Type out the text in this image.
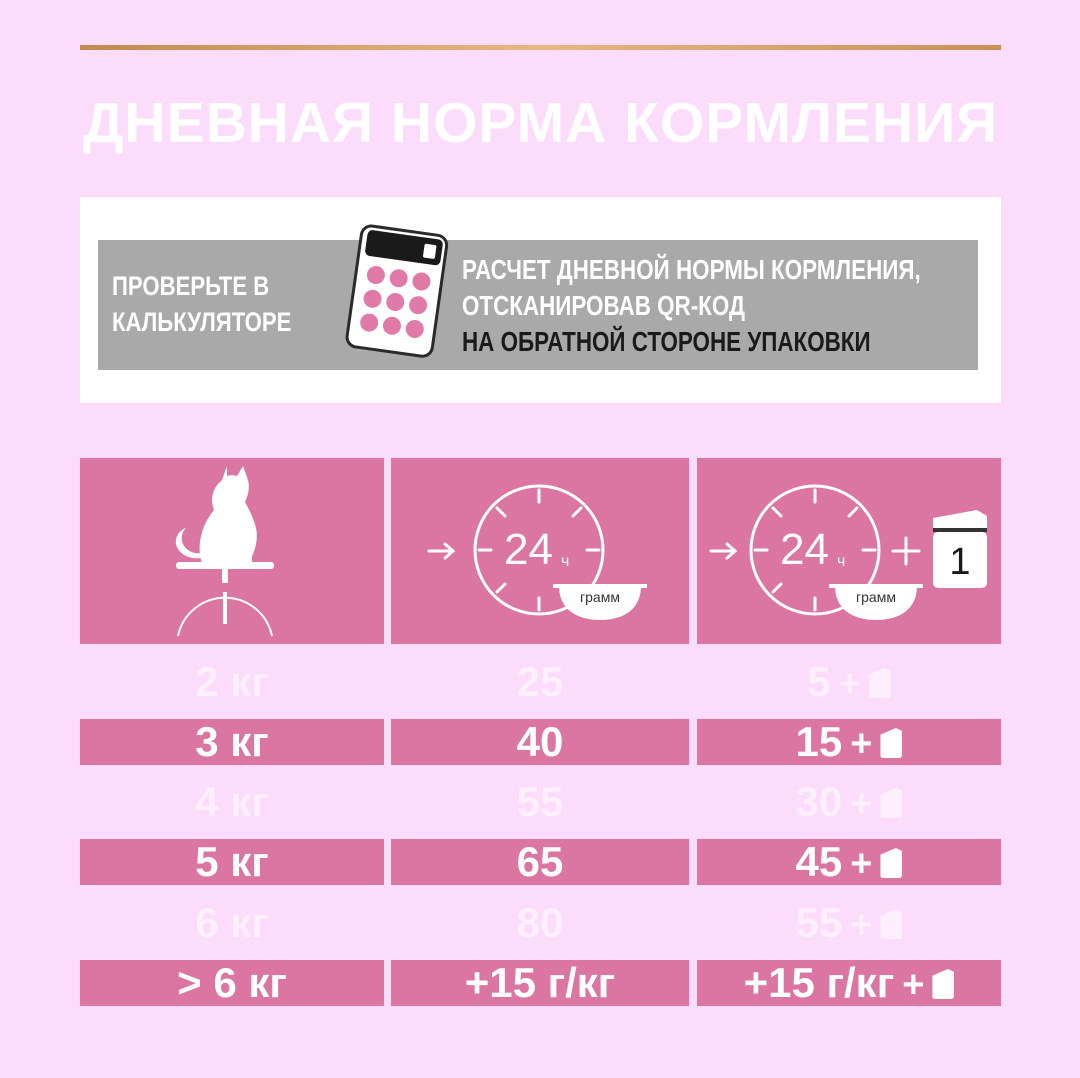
ДНЕВНАЯ НОРМА КОРМЛЕНИЯ
ПРОВЕРЬТЕ В
КАЛЬКУЛЯТОРЕ
РАСЧЕТ ДНЕВНОЙ НОРМЫ КОРМЛЕНИЯ,
ОТСКАНИРОВАВ QR-КОД
НА ОБРАТНОЙ СТОРОНЕ УПАКОВКИ
24 ч
грамм
24 ч
грамм
1
2 кг	25	5 +
3 кг	40	15 +
4 кг	55	30 +
5 кг	65	45 +
6 кг	80	55 +
> 6 кг	+15 г/кг	+15 г/кг +
